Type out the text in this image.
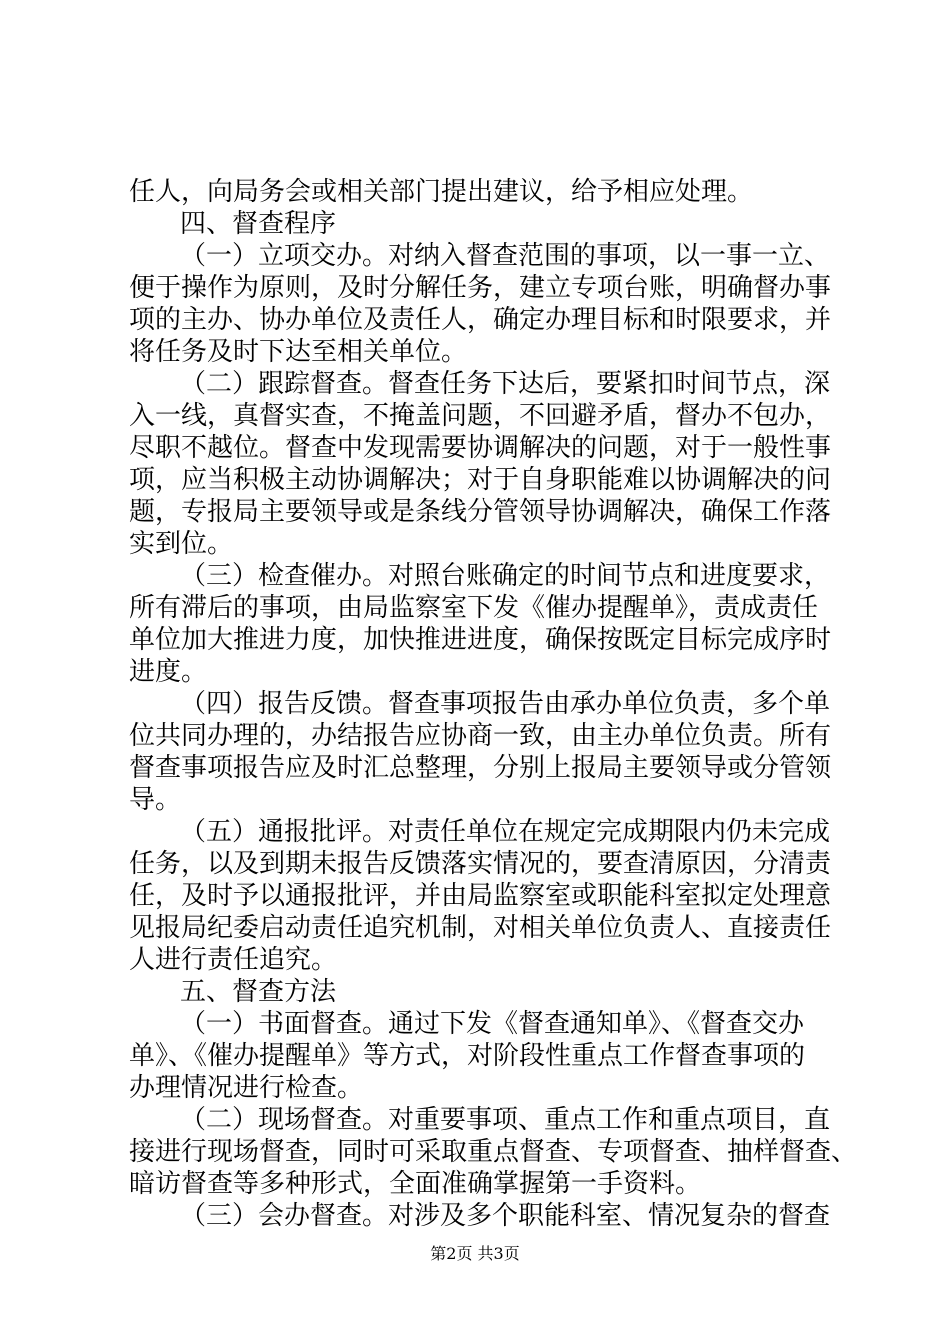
任人，向局务会或相关部门提出建议，给予相应处理。
四、督查程序
（一）立项交办。对纳入督查范围的事项，以一事一立、
便于操作为原则，及时分解任务，建立专项台账，明确督办事
项的主办、协办单位及责任人，确定办理目标和时限要求，并
将任务及时下达至相关单位。
（二）跟踪督查。督查任务下达后，要紧扣时间节点，深
入一线，真督实查，不掩盖问题，不回避矛盾，督办不包办，
尽职不越位。督查中发现需要协调解决的问题，对于一般性事
项，应当积极主动协调解决；对于自身职能难以协调解决的问
题，专报局主要领导或是条线分管领导协调解决，确保工作落
实到位。
（三）检查催办。对照台账确定的时间节点和进度要求，
所有滞后的事项，由局监察室下发《催办提醒单》，责成责任
单位加大推进力度，加快推进进度，确保按既定目标完成序时
进度。
（四）报告反馈。督查事项报告由承办单位负责，多个单
位共同办理的，办结报告应协商一致，由主办单位负责。所有
督查事项报告应及时汇总整理，分别上报局主要领导或分管领
导。
（五）通报批评。对责任单位在规定完成期限内仍未完成
任务，以及到期未报告反馈落实情况的，要查清原因，分清责
任，及时予以通报批评，并由局监察室或职能科室拟定处理意
见报局纪委启动责任追究机制，对相关单位负责人、直接责任
人进行责任追究。
五、督查方法
（一）书面督查。通过下发《督查通知单》、《督查交办
单》、《催办提醒单》等方式，对阶段性重点工作督查事项的
办理情况进行检查。
（二）现场督查。对重要事项、重点工作和重点项目，直
接进行现场督查，同时可采取重点督查、专项督查、抽样督查、
暗访督查等多种形式，全面准确掌握第一手资料。
（三）会办督查。对涉及多个职能科室、情况复杂的督查
第2页 共3页
